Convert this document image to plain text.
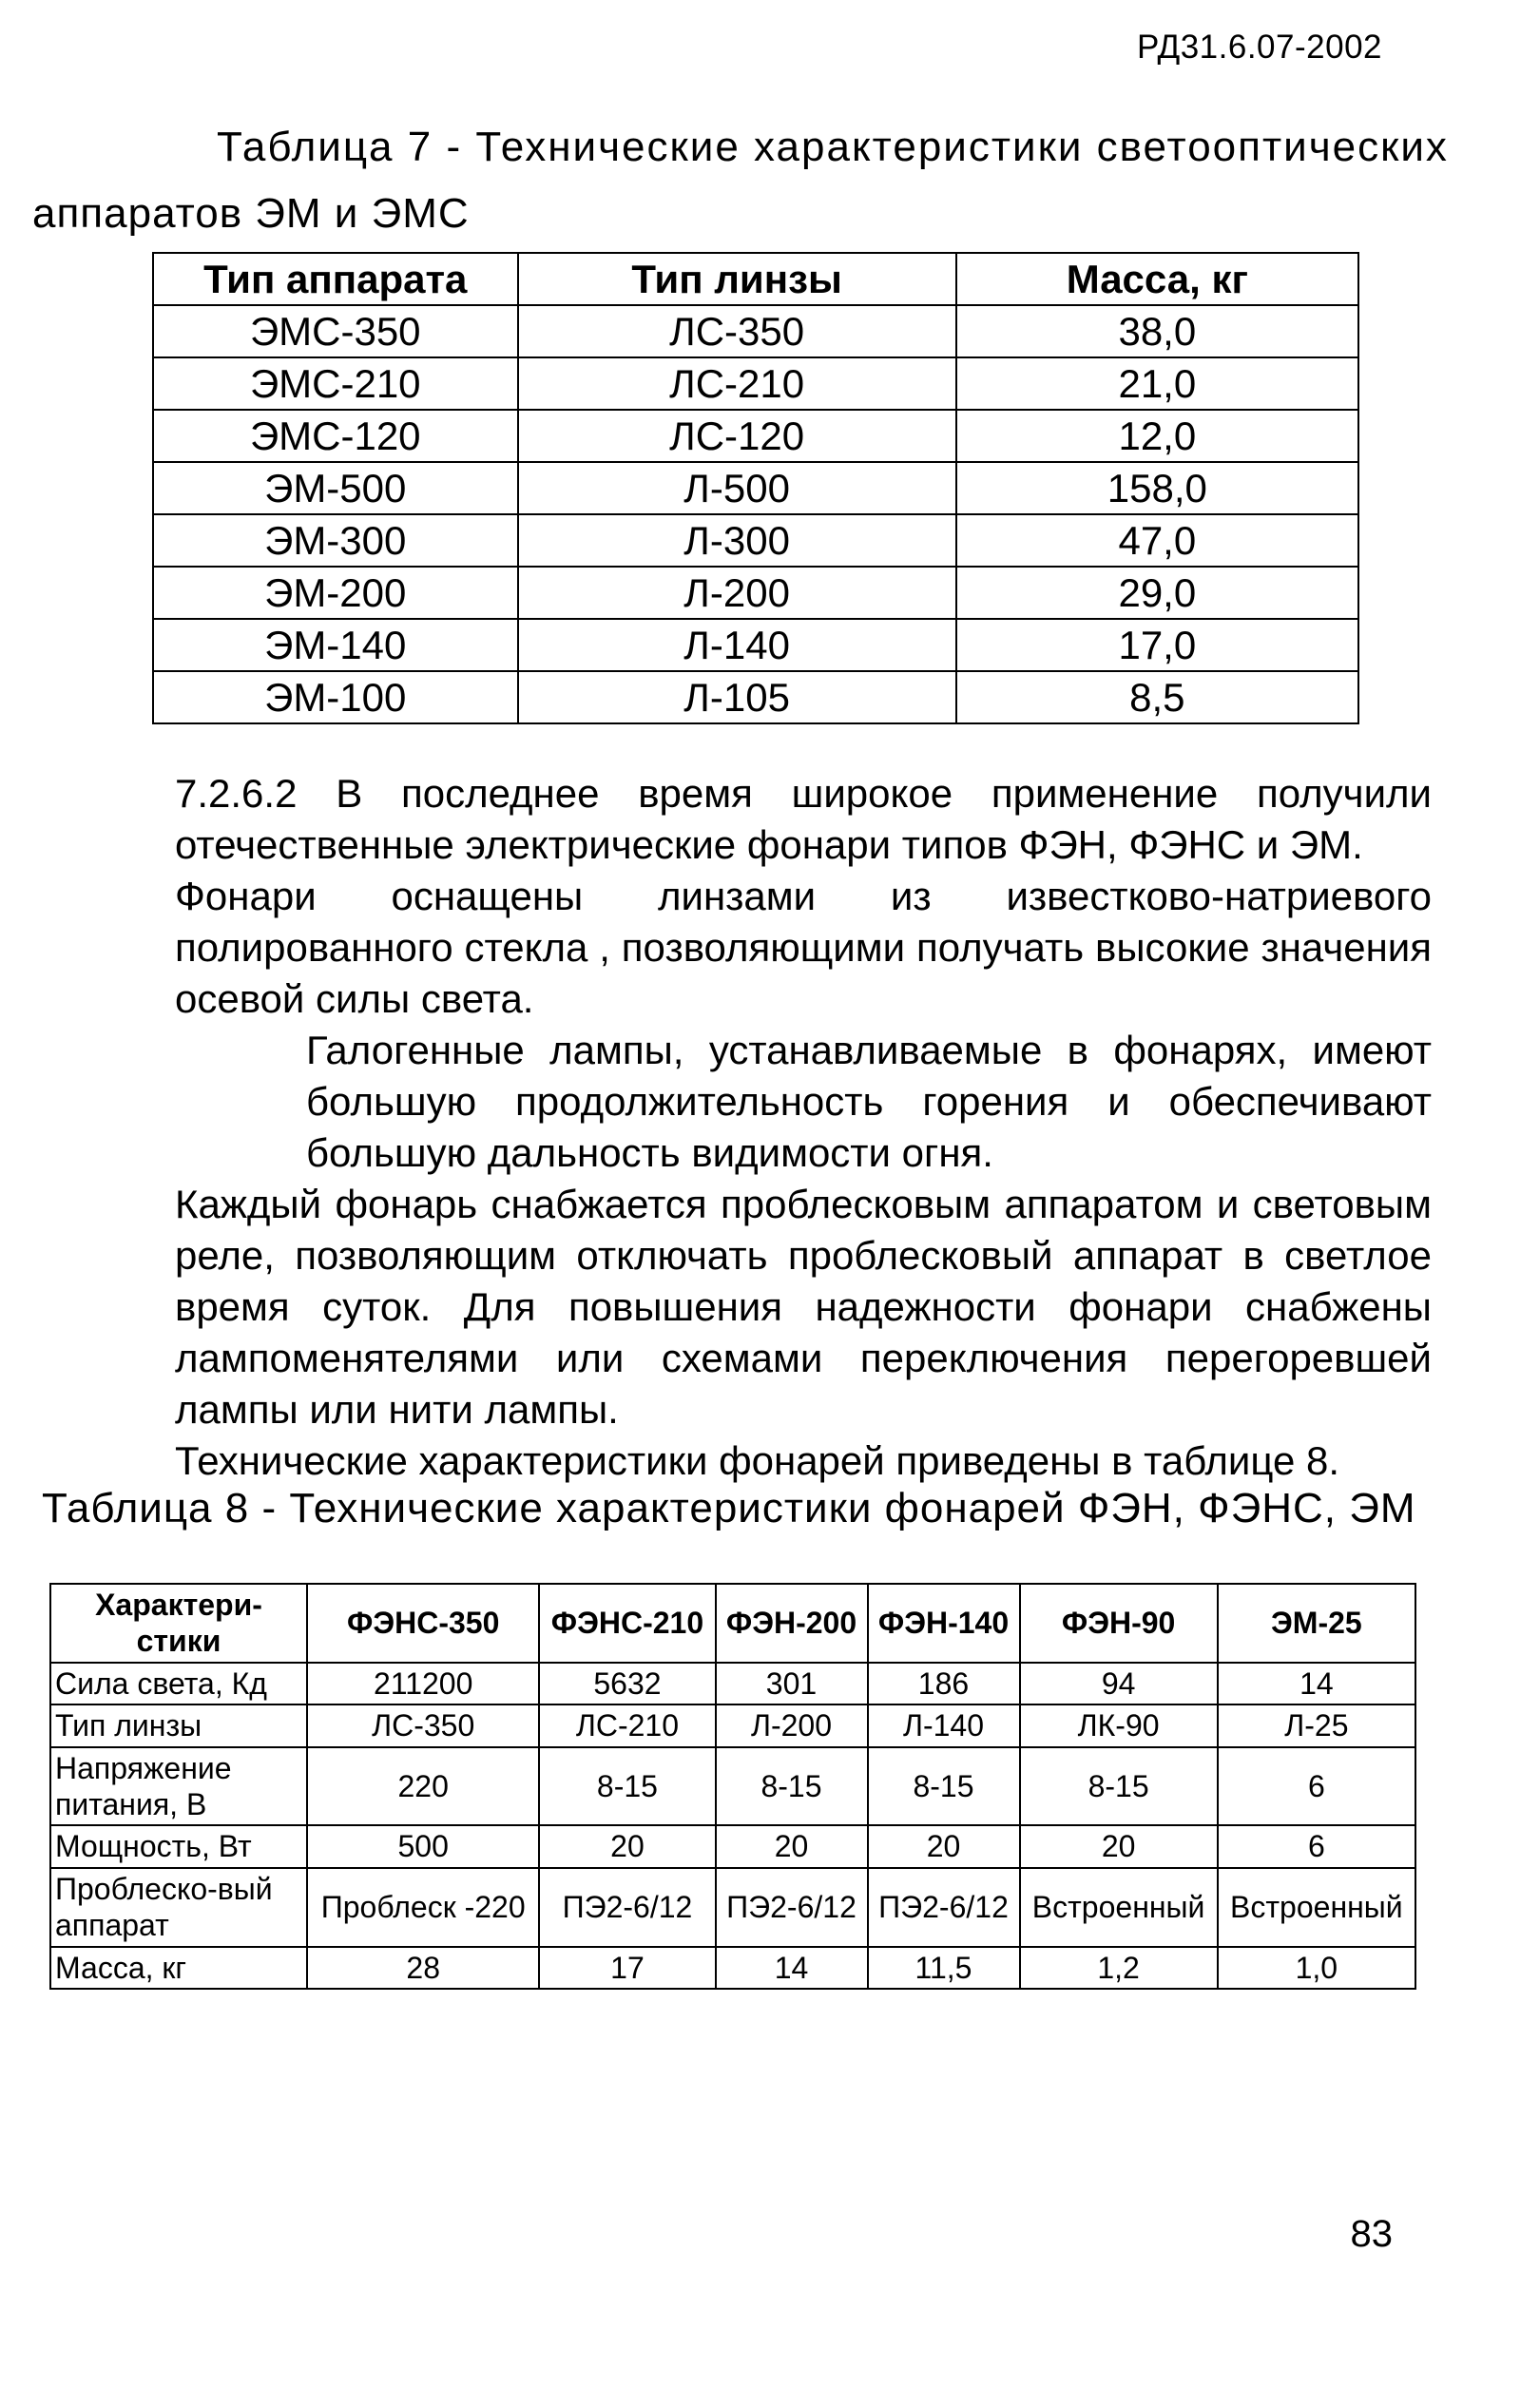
РД31.6.07-2002
Таблица 7 - Технические характеристики светооптических
аппаратов ЭМ и ЭМС
Тип аппарата	Тип линзы	Масса, кг
ЭМС-350	ЛС-350	38,0
ЭМС-210	ЛС-210	21,0
ЭМС-120	ЛС-120	12,0
ЭМ-500	Л-500	158,0
ЭМ-300	Л-300	47,0
ЭМ-200	Л-200	29,0
ЭМ-140	Л-140	17,0
ЭМ-100	Л-105	8,5
7.2.6.2 В последнее время широкое применение получили отечественные электрические фонари типов ФЭН, ФЭНС и ЭМ.
Фонари оснащены линзами из известково-натриевого полированного стекла , позволяющими получать высокие значения осевой силы света.
Галогенные лампы, устанавливаемые в фонарях, имеют большую продолжительность горения и обеспечивают большую дальность видимости огня.
Каждый фонарь снабжается проблесковым аппаратом и световым реле, позволяющим отключать проблесковый аппарат в светлое время суток. Для повышения надежности фонари снабжены лампоменятелями или схемами переключения перегоревшей лампы или нити лампы.
Технические характеристики фонарей приведены в таблице 8.
Таблица 8 - Технические характеристики фонарей ФЭН, ФЭНС, ЭМ
Характери-стики	ФЭНС-350	ФЭНС-210	ФЭН-200	ФЭН-140	ФЭН-90	ЭМ-25
Сила света, Кд	211200	5632	301	186	94	14
Тип линзы	ЛС-350	ЛС-210	Л-200	Л-140	ЛК-90	Л-25
Напряжение питания, В	220	8-15	8-15	8-15	8-15	6
Мощность, Вт	500	20	20	20	20	6
Проблеско-вый аппарат	Проблеск -220	ПЭ2-6/12	ПЭ2-6/12	ПЭ2-6/12	Встроенный	Встроенный
Масса, кг	28	17	14	11,5	1,2	1,0
83
